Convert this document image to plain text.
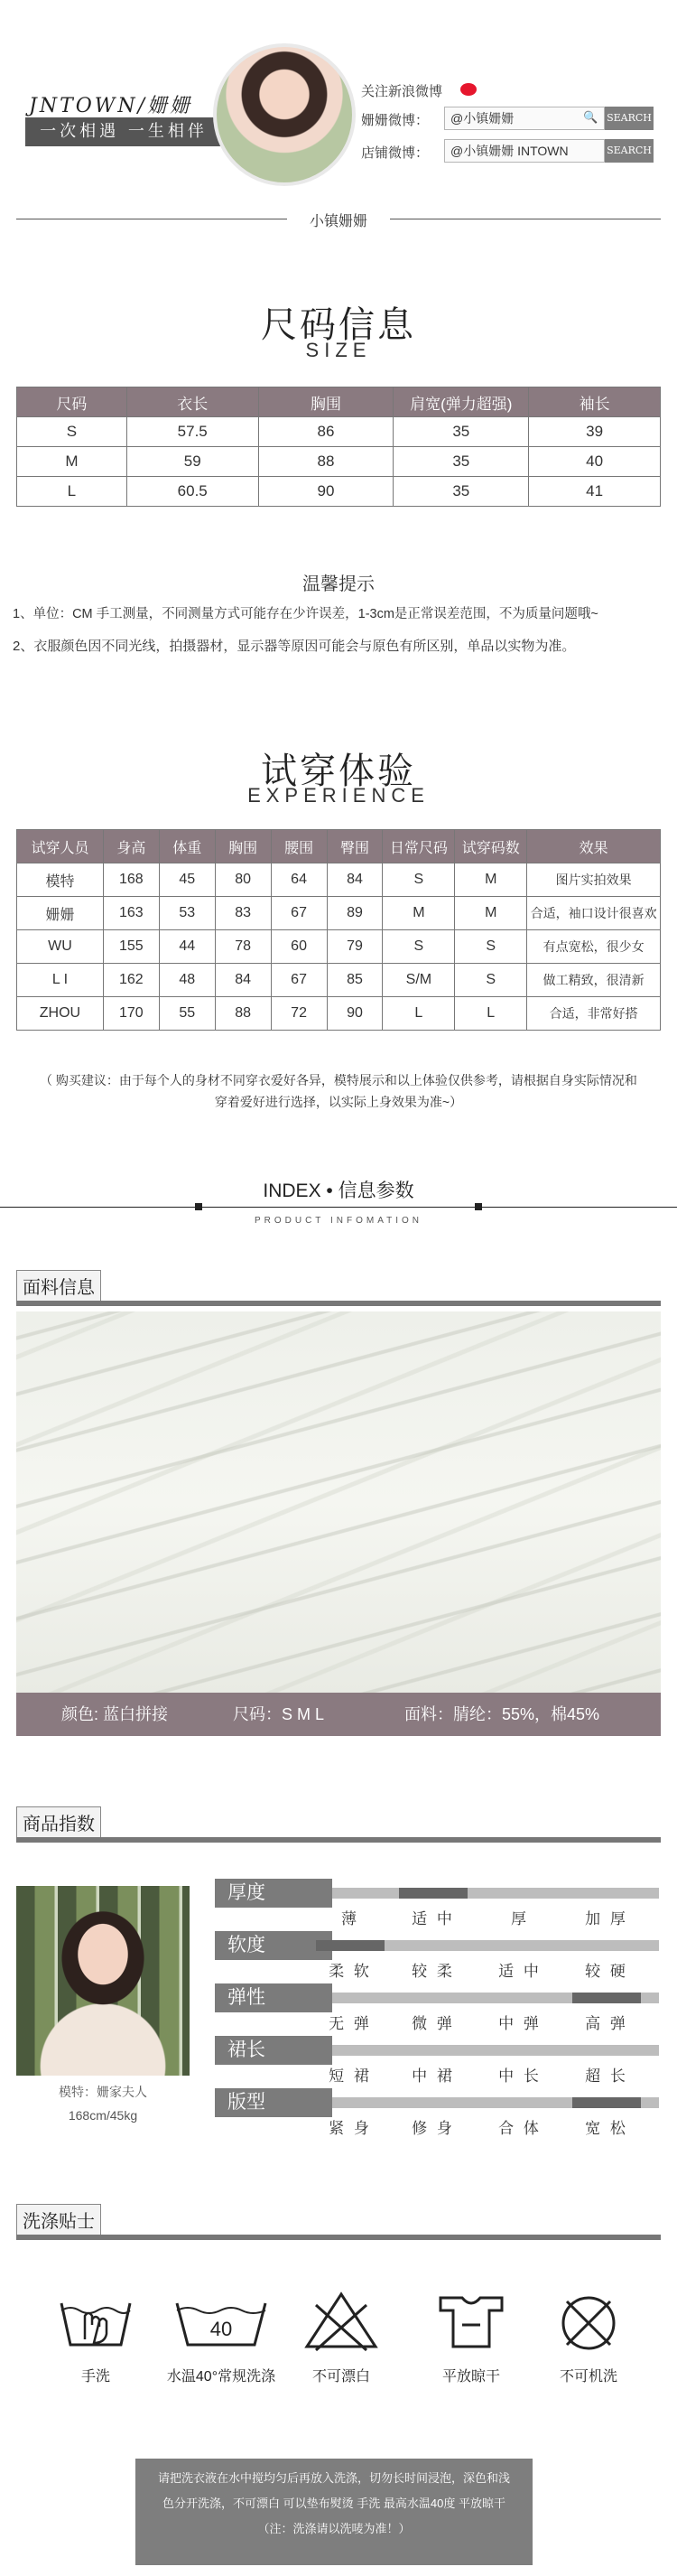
JNTOWN/姗姗
一次相遇 一生相伴
关注新浪微博
姗姗微博：	@小镇姗姗	🔍 SEARCH
店铺微博：	@小镇姗姗 INTOWN	SEARCH
小镇姗姗
尺码信息
SIZE
尺码	衣长	胸围	肩宽(弹力超强)	袖长
S	57.5	86	35	39
M	59	88	35	40
L	60.5	90	35	41
温馨提示
1、单位：CM 手工测量，不同测量方式可能存在少许误差，1-3cm是正常误差范围，不为质量问题哦~
2、衣服颜色因不同光线，拍摄器材，显示器等原因可能会与原色有所区别，单品以实物为准。
试穿体验
EXPERIENCE
试穿人员	身高	体重	胸围	腰围	臀围	日常尺码	试穿码数	效果
模特	168	45	80	64	84	S	M	图片实拍效果
姗姗	163	53	83	67	89	M	M	合适，袖口设计很喜欢
WU	155	44	78	60	79	S	S	有点宽松，很少女
L I	162	48	84	67	85	S/M	S	做工精致，很清新
ZHOU	170	55	88	72	90	L	L	合适，非常好搭
（ 购买建议：由于每个人的身材不同穿衣爱好各异，模特展示和以上体验仅供参考，请根据自身实际情况和
穿着爱好进行选择，以实际上身效果为准~）
INDEX • 信息参数
PRODUCT INFOMATION
面料信息
颜色: 蓝白拼接	尺码：S M L	面料：腈纶：55%，棉45%
商品指数
模特：姗家夫人
168cm/45kg
厚度
薄	适 中	厚	加 厚
软度
柔 软	较 柔	适 中	较 硬
弹性
无 弹	微 弹	中 弹	高 弹
裙长
短 裙	中 裙	中 长	超 长
版型
紧 身	修 身	合 体	宽 松
洗涤贴士
40
手洗	水温40°常规洗涤	不可漂白	平放晾干	不可机洗
请把洗衣液在水中搅均匀后再放入洗涤，切勿长时间浸泡，深色和浅色分开洗涤，不可漂白 可以垫布熨烫 手洗 最高水温40度 平放晾干（注：洗涤请以洗唛为准！）
